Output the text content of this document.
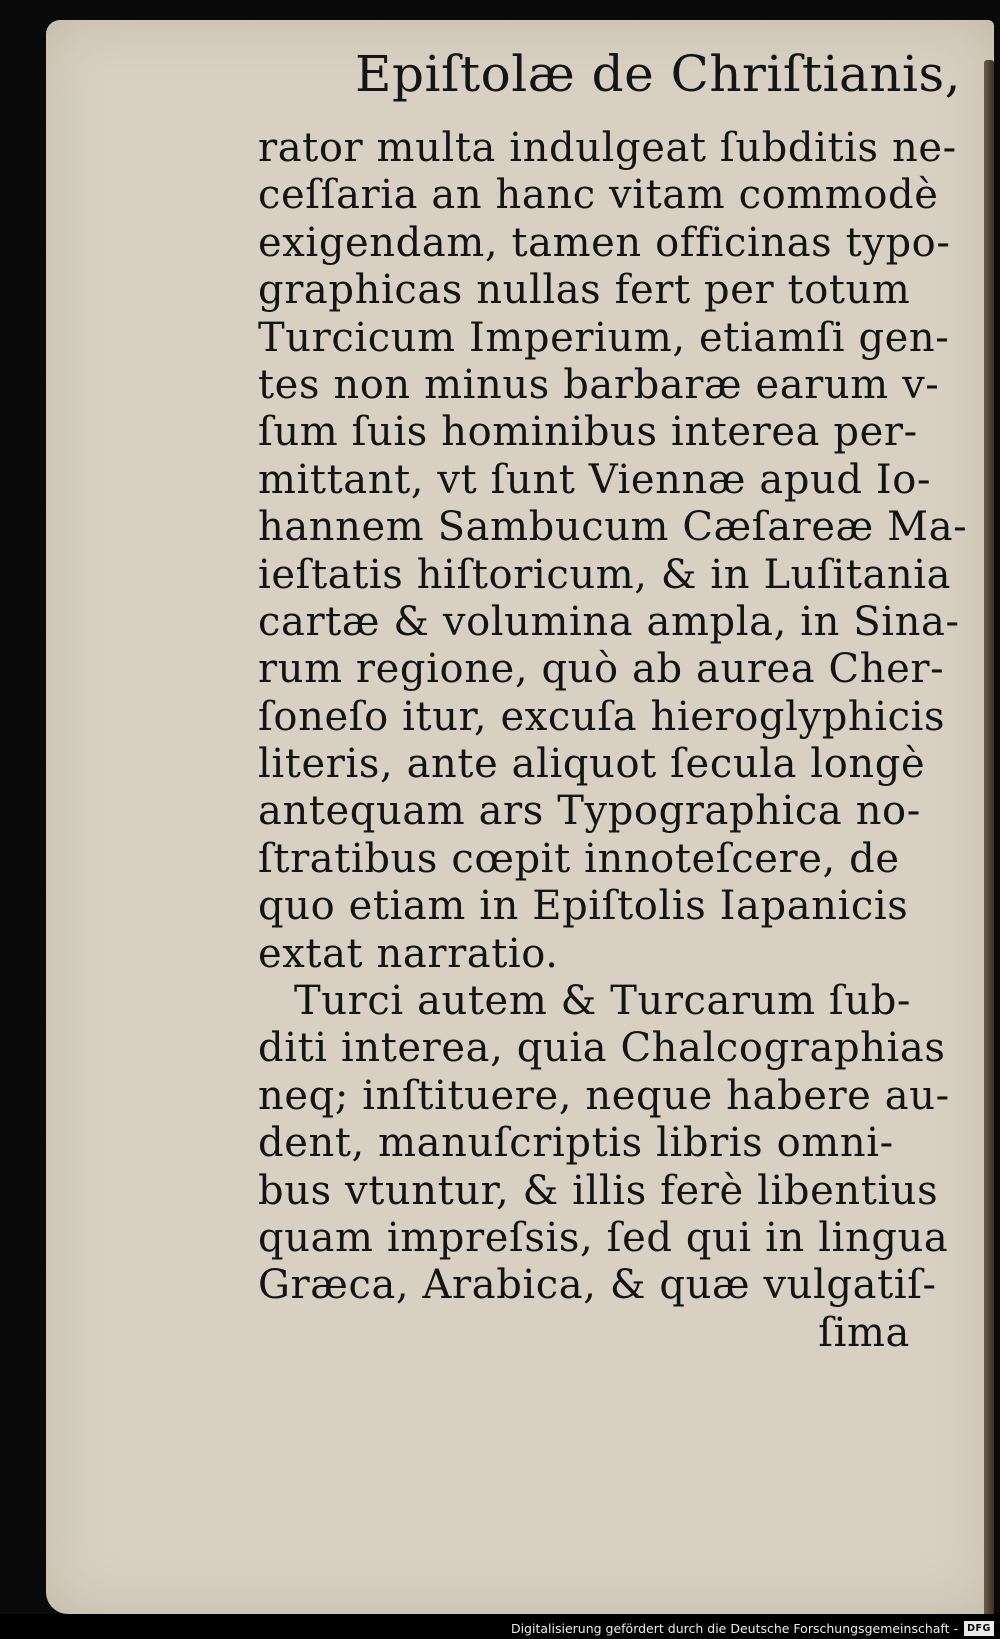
Epiſtolæ de Chriſtianis,
rator multa indulgeat ſubditis ne-
ceſſaria an hanc vitam commodè
exigendam, tamen officinas typo-
graphicas nullas fert per totum
Turcicum Imperium, etiamſi gen-
tes non minus barbaræ earum v-
ſum ſuis hominibus interea per-
mittant, vt ſunt Viennæ apud Io-
hannem Sambucum Cæſareæ Ma-
ieſtatis hiſtoricum, & in Luſitania
cartæ & volumina ampla, in Sina-
rum regione, quò ab aurea Cher-
ſoneſo itur, excuſa hieroglyphicis
literis, ante aliquot ſecula longè
antequam ars Typographica no-
ſtratibus cœpit innoteſcere, de
quo etiam in Epiſtolis Iapanicis
extat narratio.
Turci autem & Turcarum ſub-
diti interea, quia Chalcographias
neq; inſtituere, neque habere au-
dent, manuſcriptis libris omni-
bus vtuntur, & illis ferè libentius
quam impreſsis, ſed qui in lingua
Græca, Arabica, & quæ vulgatiſ-
ſima
Digitalisierung gefördert durch die Deutsche Forschungsgemeinschaft - DFG
